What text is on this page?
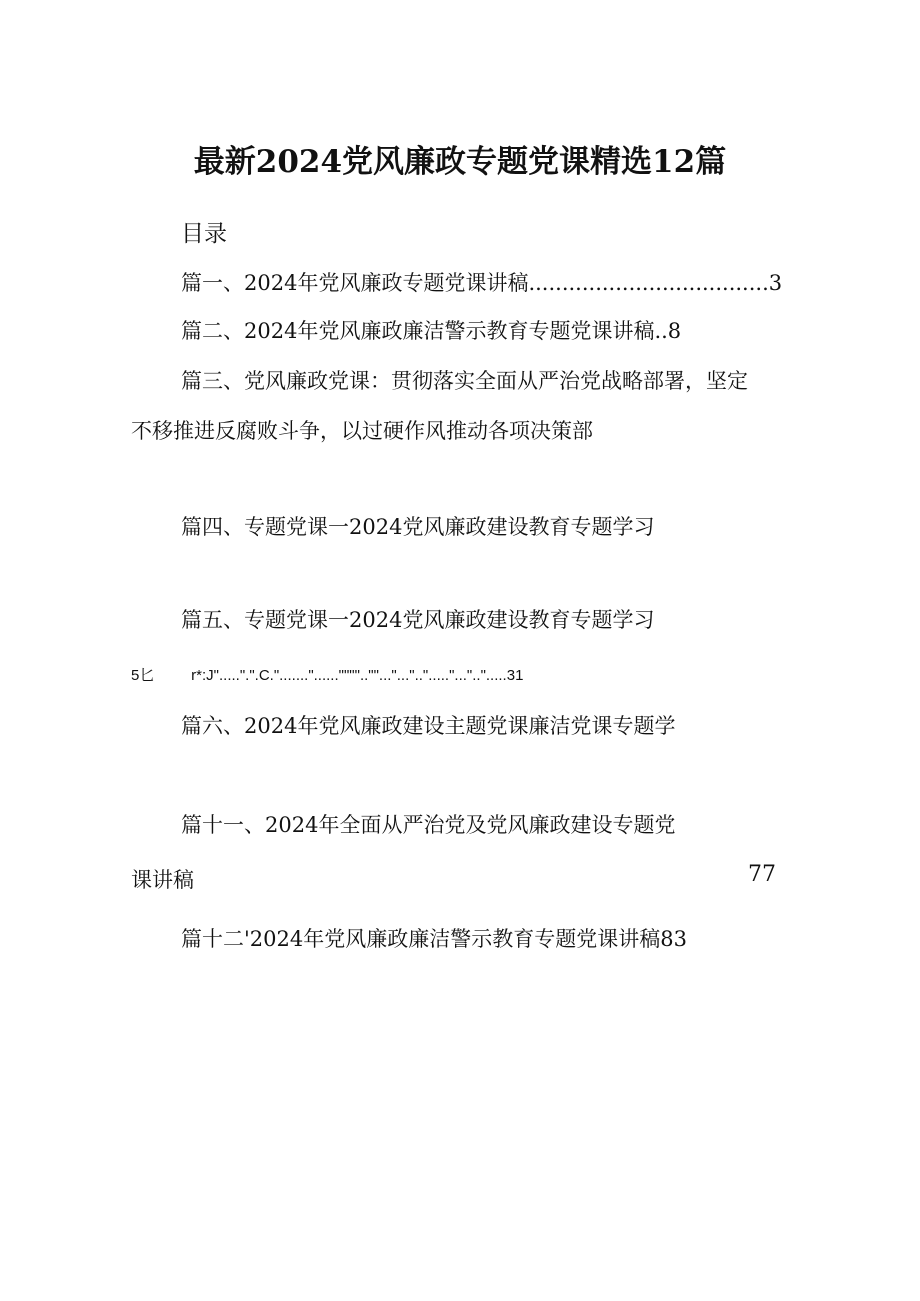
最新2024党风廉政专题党课精选12篇
目录
篇一、2024年党风廉政专题党课讲稿....................................3
篇二、2024年党风廉政廉洁警示教育专题党课讲稿..8
篇三、党风廉政党课：贯彻落实全面从严治党战略部署，坚定
不移推进反腐败斗争，以过硬作风推动各项决策部
篇四、专题党课一2024党风廉政建设教育专题学习
篇五、专题党课一2024党风廉政建设教育专题学习
5匕 r*:J".....".".C."......."......""""..""..."...".."....."..."..".....31
篇六、2024年党风廉政建设主题党课廉洁党课专题学
篇十一、2024年全面从严治党及党风廉政建设专题党
课讲稿	77
篇十二'2024年党风廉政廉洁警示教育专题党课讲稿83
